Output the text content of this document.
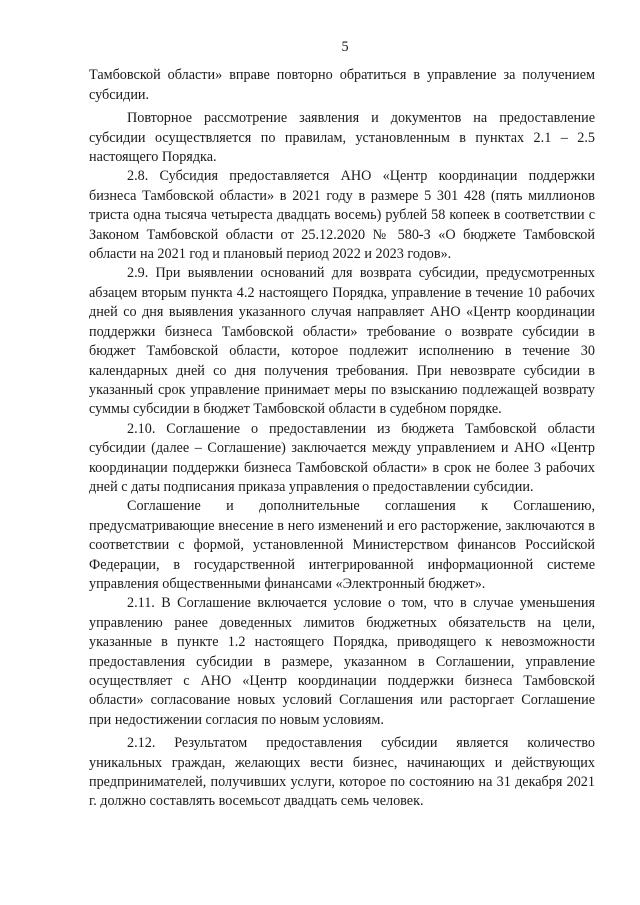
5

Тамбовской области» вправе повторно обратиться в управление за получением субсидии.

Повторное рассмотрение заявления и документов на предоставление субсидии осуществляется по правилам, установленным в пунктах 2.1 – 2.5 настоящего Порядка.

2.8. Субсидия предоставляется АНО «Центр координации поддержки бизнеса Тамбовской области» в 2021 году в размере 5 301 428 (пять миллионов триста одна тысяча четыреста двадцать восемь) рублей 58 копеек в соответствии с Законом Тамбовской области от 25.12.2020 № 580-З «О бюджете Тамбовской области на 2021 год и плановый период 2022 и 2023 годов».

2.9. При выявлении оснований для возврата субсидии, предусмотренных абзацем вторым пункта 4.2 настоящего Порядка, управление в течение 10 рабочих дней со дня выявления указанного случая направляет АНО «Центр координации поддержки бизнеса Тамбовской области» требование о возврате субсидии в бюджет Тамбовской области, которое подлежит исполнению в течение 30 календарных дней со дня получения требования. При невозврате субсидии в указанный срок управление принимает меры по взысканию подлежащей возврату суммы субсидии в бюджет Тамбовской области в судебном порядке.

2.10. Соглашение о предоставлении из бюджета Тамбовской области субсидии (далее – Соглашение) заключается между управлением и АНО «Центр координации поддержки бизнеса Тамбовской области» в срок не более 3 рабочих дней с даты подписания приказа управления о предоставлении субсидии.

Соглашение и дополнительные соглашения к Соглашению, предусматривающие внесение в него изменений и его расторжение, заключаются в соответствии с формой, установленной Министерством финансов Российской Федерации, в государственной интегрированной информационной системе управления общественными финансами «Электронный бюджет».

2.11. В Соглашение включается условие о том, что в случае уменьшения управлению ранее доведенных лимитов бюджетных обязательств на цели, указанные в пункте 1.2 настоящего Порядка, приводящего к невозможности предоставления субсидии в размере, указанном в Соглашении, управление осуществляет с АНО «Центр координации поддержки бизнеса Тамбовской области» согласование новых условий Соглашения или расторгает Соглашение при недостижении согласия по новым условиям.

2.12. Результатом предоставления субсидии является количество уникальных граждан, желающих вести бизнес, начинающих и действующих предпринимателей, получивших услуги, которое по состоянию на 31 декабря 2021 г. должно составлять восемьсот двадцать семь человек.
